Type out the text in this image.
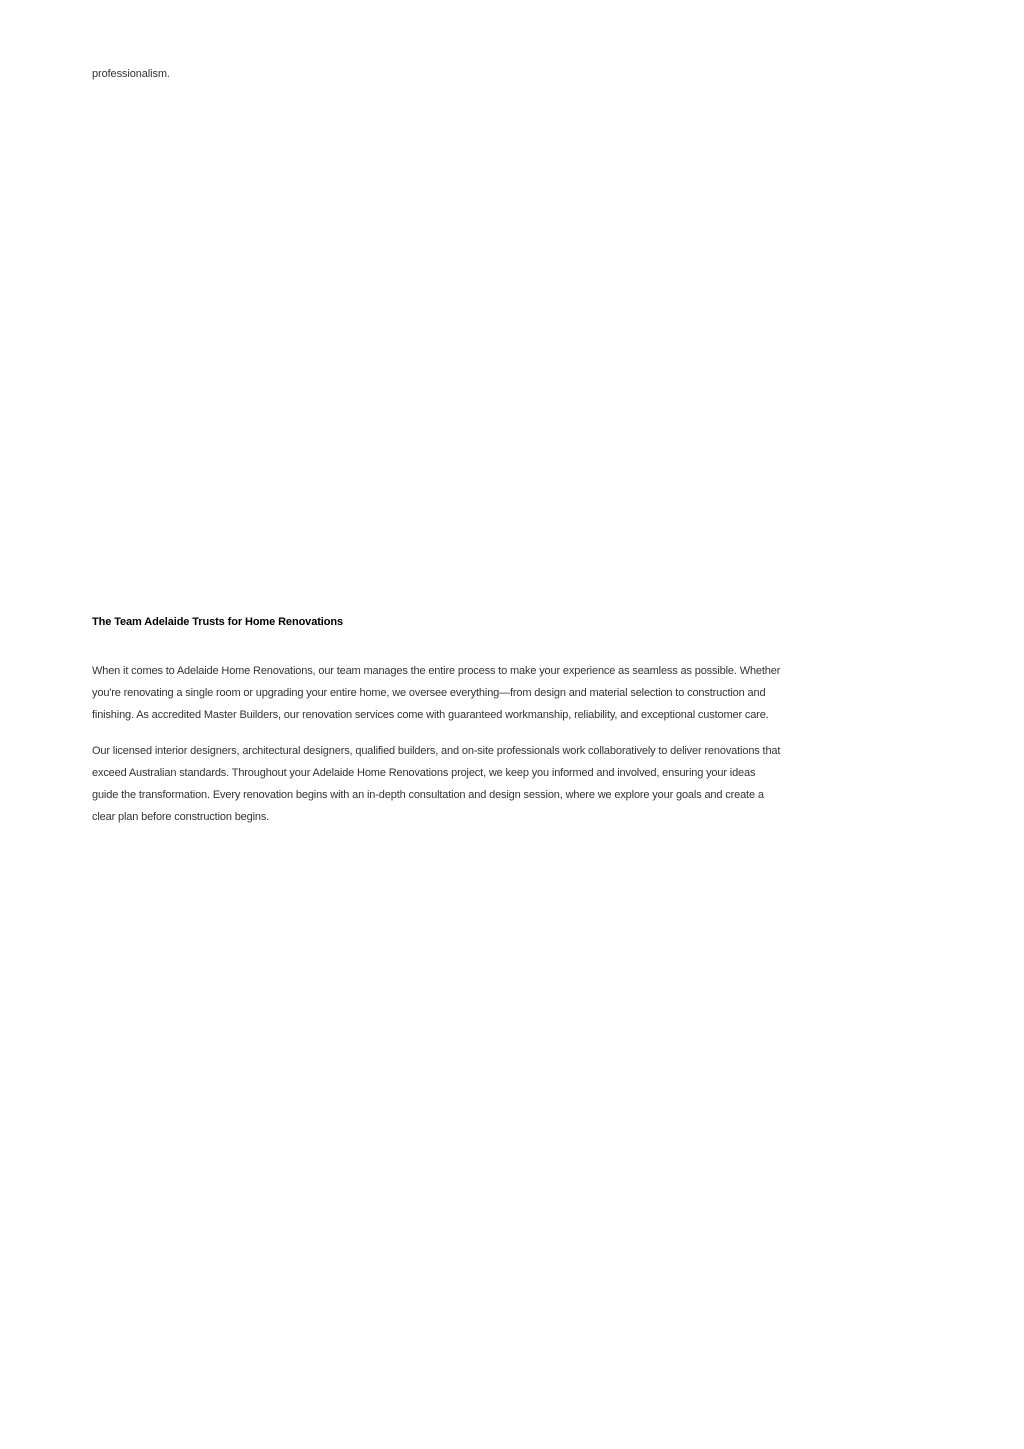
professionalism.
The Team Adelaide Trusts for Home Renovations

When it comes to Adelaide Home Renovations, our team manages the entire process to make your experience as seamless as possible. Whether you're renovating a single room or upgrading your entire home, we oversee everything—from design and material selection to construction and finishing. As accredited Master Builders, our renovation services come with guaranteed workmanship, reliability, and exceptional customer care.

Our licensed interior designers, architectural designers, qualified builders, and on-site professionals work collaboratively to deliver renovations that exceed Australian standards. Throughout your Adelaide Home Renovations project, we keep you informed and involved, ensuring your ideas guide the transformation. Every renovation begins with an in-depth consultation and design session, where we explore your goals and create a clear plan before construction begins.
